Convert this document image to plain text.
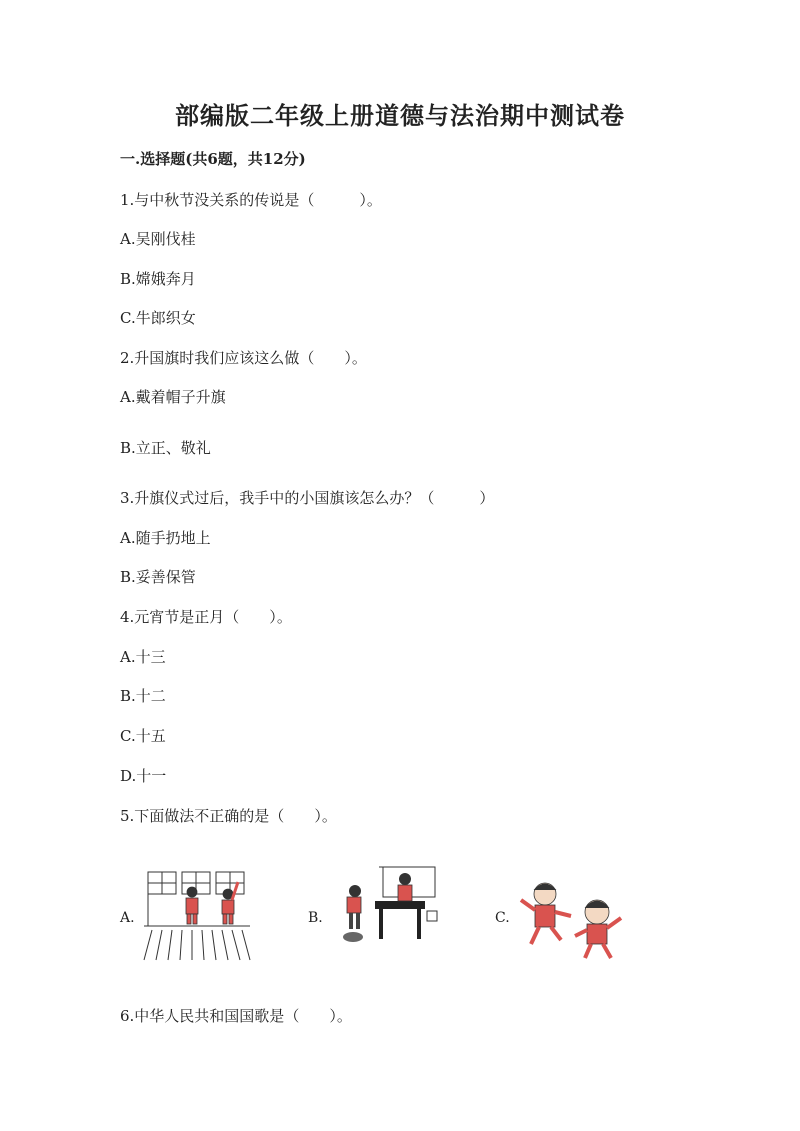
部编版二年级上册道德与法治期中测试卷
一.选择题(共6题，共12分)
1.与中秋节没关系的传说是（　　　）。
A.吴刚伐桂
B.嫦娥奔月
C.牛郎织女
2.升国旗时我们应该这么做（　　）。
A.戴着帽子升旗
B.立正、敬礼
3.升旗仪式过后，我手中的小国旗该怎么办？（　　　）
A.随手扔地上
B.妥善保管
4.元宵节是正月（　　）。
A.十三
B.十二
C.十五
D.十一
5.下面做法不正确的是（　　）。
A.	B.	C.
6.中华人民共和国国歌是（　　）。
